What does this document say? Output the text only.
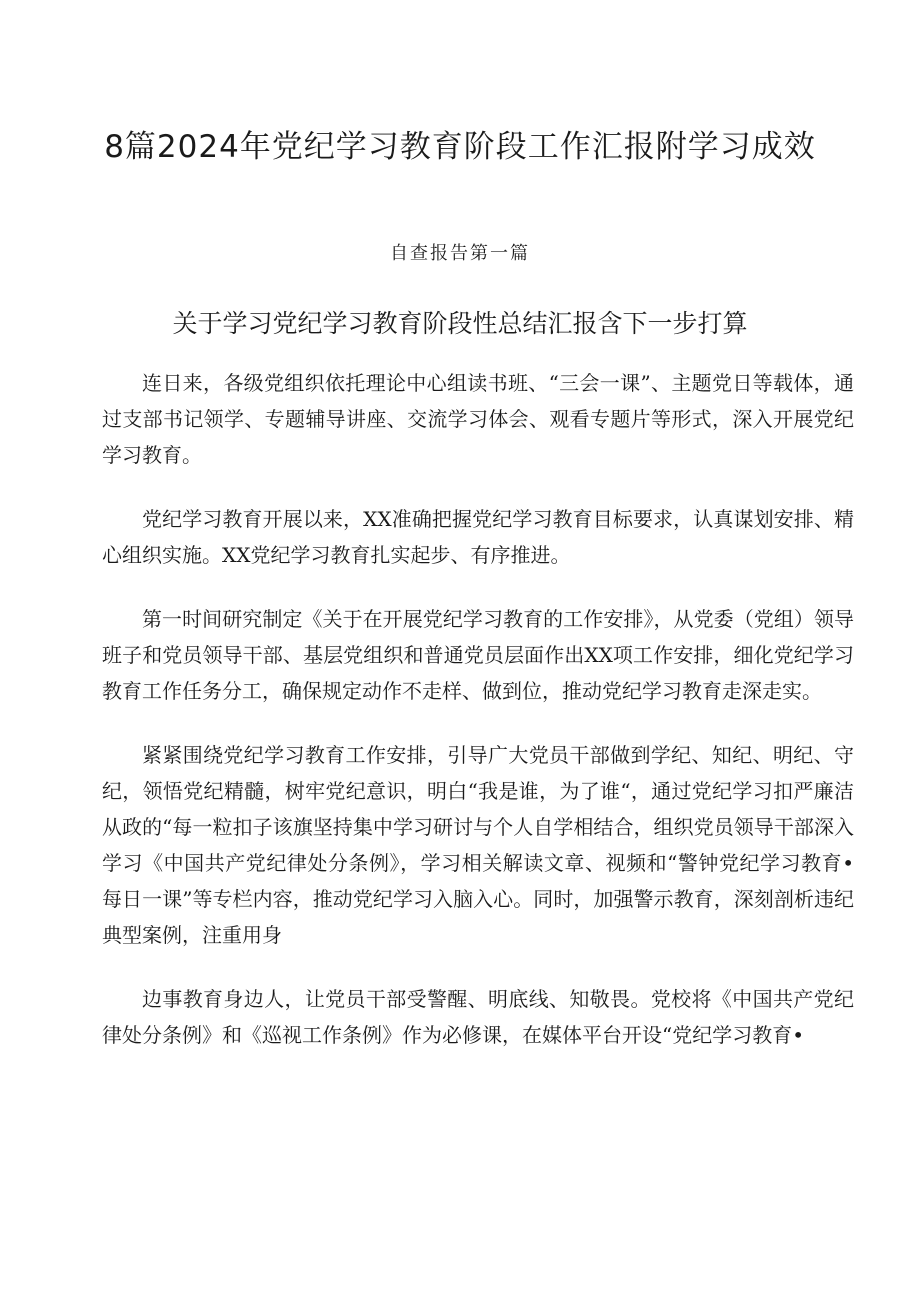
8篇2024年党纪学习教育阶段工作汇报附学习成效
自查报告第一篇
关于学习党纪学习教育阶段性总结汇报含下一步打算

连日来，各级党组织依托理论中心组读书班、“三会一课”、主题党日等载体，通过支部书记领学、专题辅导讲座、交流学习体会、观看专题片等形式，深入开展党纪学习教育。

党纪学习教育开展以来，XX准确把握党纪学习教育目标要求，认真谋划安排、精心组织实施。XX党纪学习教育扎实起步、有序推进。

第一时间研究制定《关于在开展党纪学习教育的工作安排》，从党委（党组）领导班子和党员领导干部、基层党组织和普通党员层面作出XX项工作安排，细化党纪学习教育工作任务分工，确保规定动作不走样、做到位，推动党纪学习教育走深走实。

紧紧围绕党纪学习教育工作安排，引导广大党员干部做到学纪、知纪、明纪、守纪，领悟党纪精髓，树牢党纪意识，明白“我是谁，为了谁“，通过党纪学习扣严廉洁从政的“每一粒扣子该旗坚持集中学习研讨与个人自学相结合，组织党员领导干部深入学习《中国共产党纪律处分条例》，学习相关解读文章、视频和“警钟党纪学习教育•每日一课”等专栏内容，推动党纪学习入脑入心。同时，加强警示教育，深刻剖析违纪典型案例，注重用身

边事教育身边人，让党员干部受警醒、明底线、知敬畏。党校将《中国共产党纪律处分条例》和《巡视工作条例》作为必修课，在媒体平台开设“党纪学习教育•
